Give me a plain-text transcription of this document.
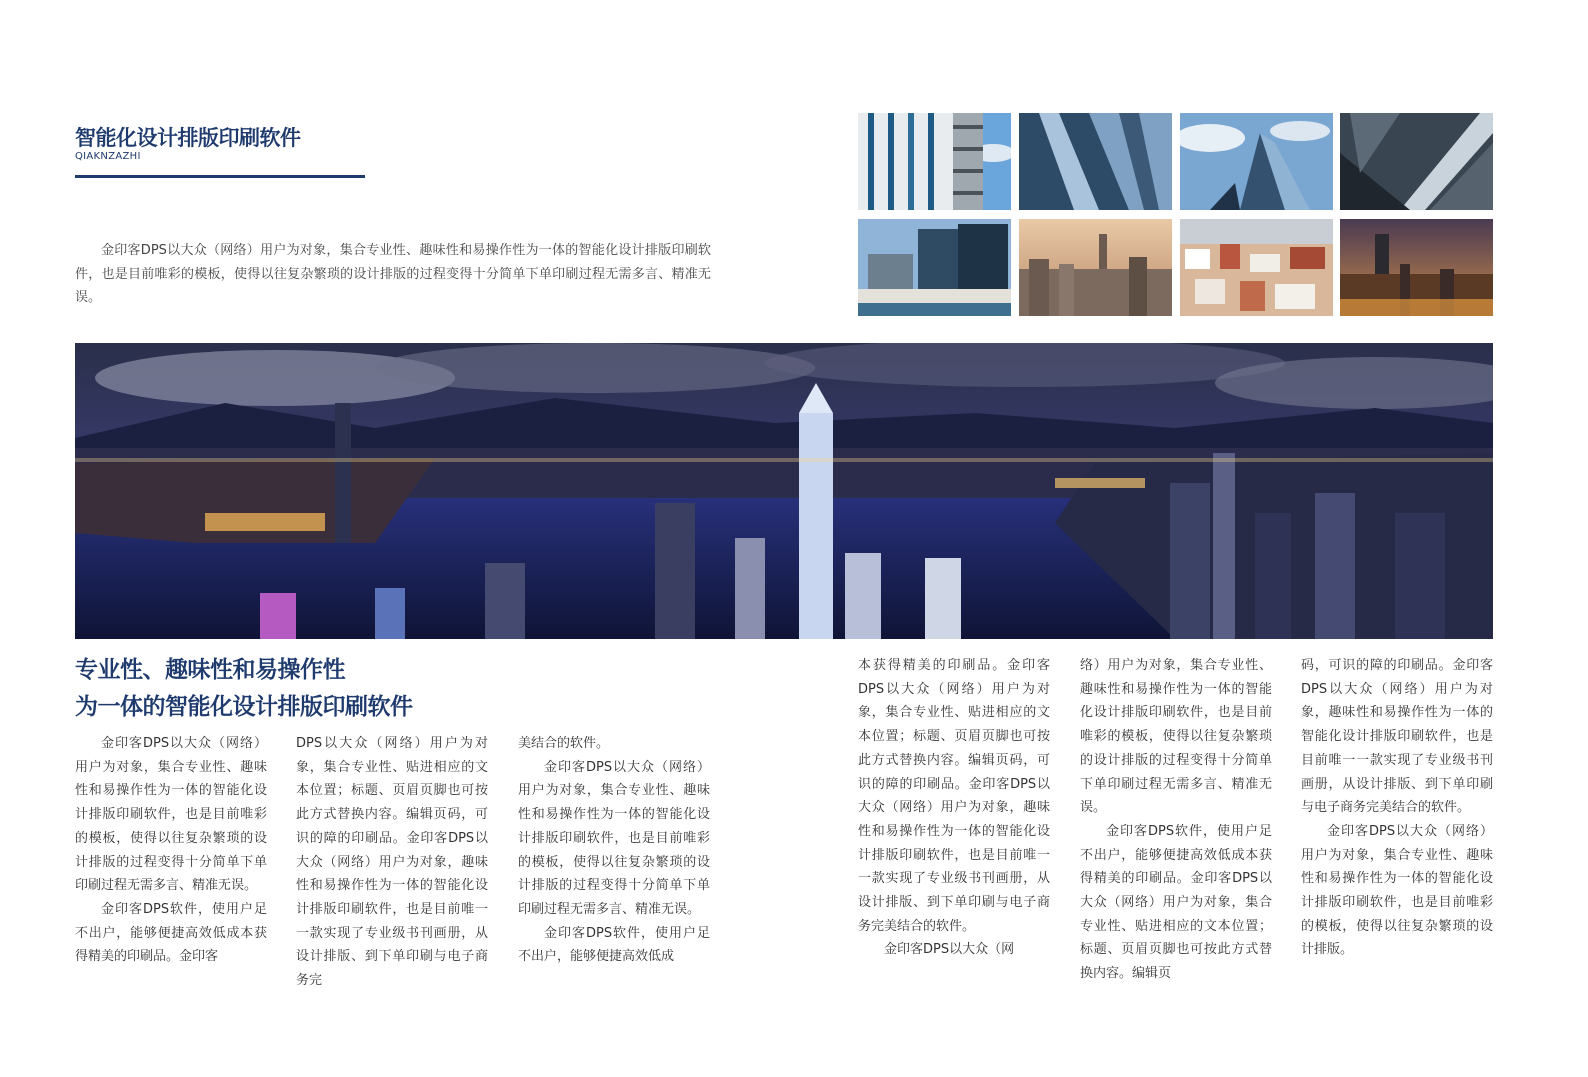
智能化设计排版印刷软件
QIAKNZAZHI

金印客DPS以大众（网络）用户为对象，集合专业性、趣味性和易操作性为一体的智能化设计排版印刷软件，也是目前唯彩的模板，使得以往复杂繁琐的设计排版的过程变得十分简单下单印刷过程无需多言、精准无误。

专业性、趣味性和易操作性
为一体的智能化设计排版印刷软件

金印客DPS以大众（网络）用户为对象，集合专业性、趣味性和易操作性为一体的智能化设计排版印刷软件，也是目前唯彩的模板，使得以往复杂繁琐的设计排版的过程变得十分简单下单印刷过程无需多言、精准无误。

金印客DPS软件，使用户足不出户，能够便捷高效低成本获得精美的印刷品。金印客

DPS以大众（网络）用户为对象，集合专业性、贴进相应的文本位置；标题、页眉页脚也可按此方式替换内容。编辑页码，可识的障的印刷品。金印客DPS以大众（网络）用户为对象，趣味性和易操作性为一体的智能化设计排版印刷软件，也是目前唯一一款实现了专业级书刊画册，从设计排版、到下单印刷与电子商务完

美结合的软件。

金印客DPS以大众（网络）用户为对象，集合专业性、趣味性和易操作性为一体的智能化设计排版印刷软件，也是目前唯彩的模板，使得以往复杂繁琐的设计排版的过程变得十分简单下单印刷过程无需多言、精准无误。

金印客DPS软件，使用户足不出户，能够便捷高效低成

本获得精美的印刷品。金印客DPS以大众（网络）用户为对象，集合专业性、贴进相应的文本位置；标题、页眉页脚也可按此方式替换内容。编辑页码，可识的障的印刷品。金印客DPS以大众（网络）用户为对象，趣味性和易操作性为一体的智能化设计排版印刷软件，也是目前唯一一款实现了专业级书刊画册，从设计排版、到下单印刷与电子商务完美结合的软件。

金印客DPS以大众（网

络）用户为对象，集合专业性、趣味性和易操作性为一体的智能化设计排版印刷软件，也是目前唯彩的模板，使得以往复杂繁琐的设计排版的过程变得十分简单下单印刷过程无需多言、精准无误。

金印客DPS软件，使用户足不出户，能够便捷高效低成本获得精美的印刷品。金印客DPS以大众（网络）用户为对象，集合专业性、贴进相应的文本位置；标题、页眉页脚也可按此方式替换内容。编辑页

码，可识的障的印刷品。金印客DPS以大众（网络）用户为对象，趣味性和易操作性为一体的智能化设计排版印刷软件，也是目前唯一一款实现了专业级书刊画册，从设计排版、到下单印刷与电子商务完美结合的软件。

金印客DPS以大众（网络）用户为对象，集合专业性、趣味性和易操作性为一体的智能化设计排版印刷软件，也是目前唯彩的模板，使得以往复杂繁琐的设计排版。
